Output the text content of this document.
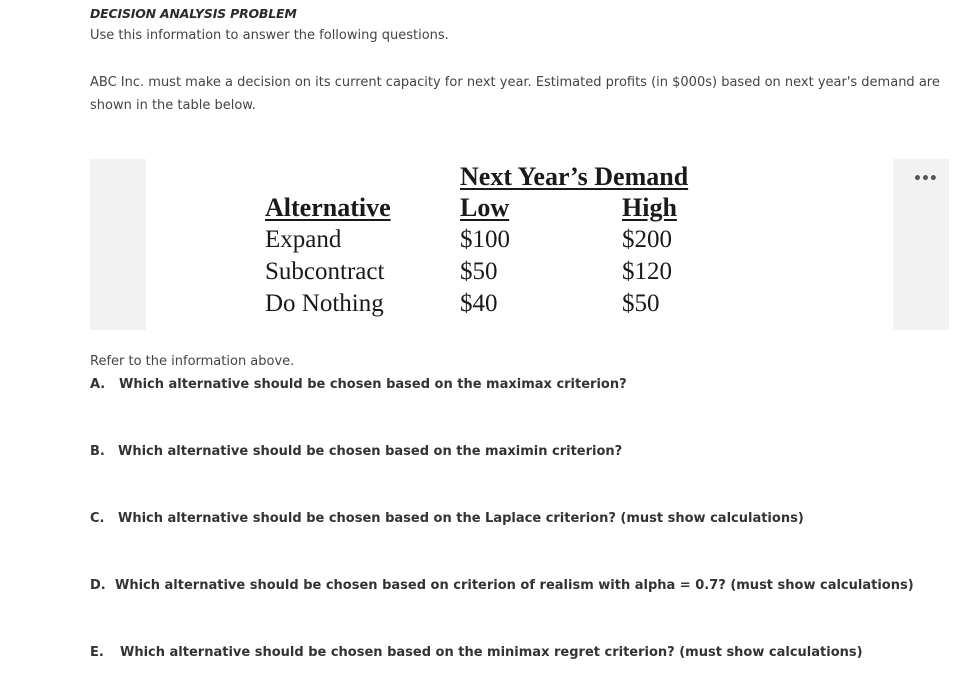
DECISION ANALYSIS PROBLEM
Use this information to answer the following questions.
ABC Inc. must make a decision on its current capacity for next year. Estimated profits (in $000s) based on next year's demand are shown in the table below.
•••
Next Year’s Demand
Alternative	Low	High
Expand	$100	$200
Subcontract	$50	$120
Do Nothing	$40	$50
Refer to the information above.
A. Which alternative should be chosen based on the maximax criterion?
B. Which alternative should be chosen based on the maximin criterion?
C. Which alternative should be chosen based on the Laplace criterion? (must show calculations)
D. Which alternative should be chosen based on criterion of realism with alpha = 0.7? (must show calculations)
E. Which alternative should be chosen based on the minimax regret criterion? (must show calculations)
